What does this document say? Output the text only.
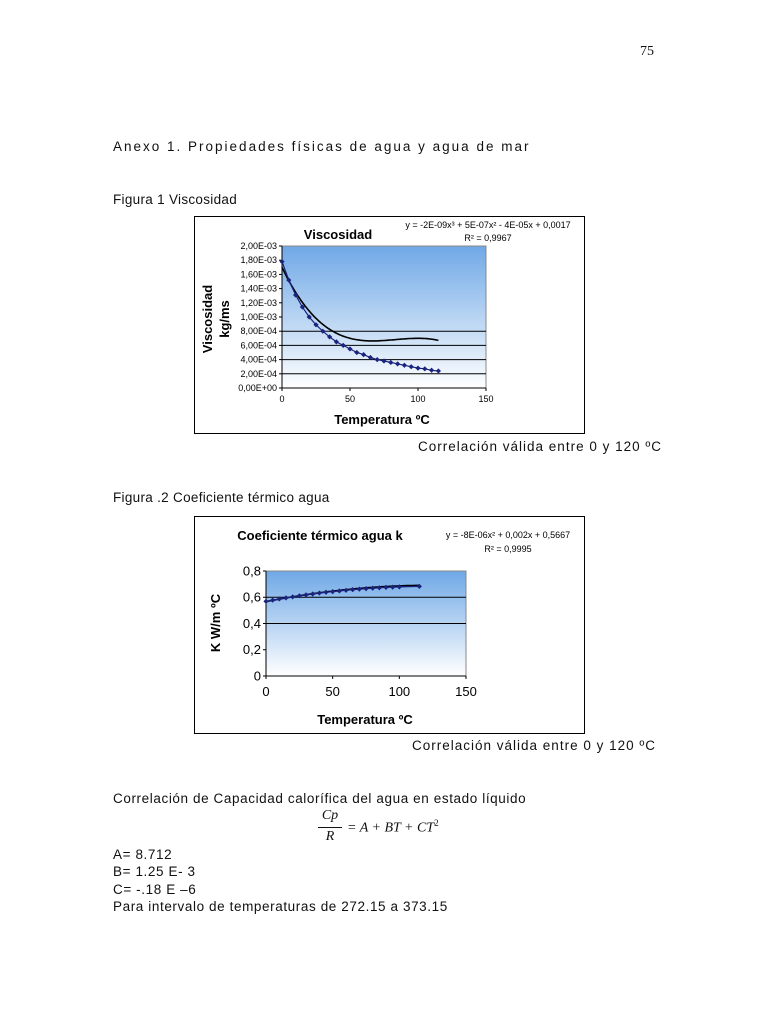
75
Anexo 1. Propiedades físicas de agua y agua de mar
Figura 1 Viscosidad
Viscosidad
y = -2E-09x³ + 5E-07x² - 4E-05x + 0,0017
R² = 0,9967
Viscosidad kg/ms
Temperatura ºC
0,00E+00
2,00E-04
4,00E-04
6,00E-04
8,00E-04
1,00E-03
1,20E-03
1,40E-03
1,60E-03
1,80E-03
2,00E-03
0	50	100	150
Correlación válida entre 0 y 120 ºC
Figura .2 Coeficiente térmico agua
Coeficiente térmico agua k	y = -8E-06x² + 0,002x + 0,5667
R² = 0,9995
K W/m ºC
Temperatura ºC
0
0,2
0,4
0,6
0,8
0	50	100	150
Correlación válida entre 0 y 120 ºC
Correlación de Capacidad calorífica del agua en estado líquido
Cp
R
= A + BT + $CT^2$
A= 8.712
B= 1.25 E- 3
C= -.18 E –6
Para intervalo de temperaturas de 272.15 a 373.15
